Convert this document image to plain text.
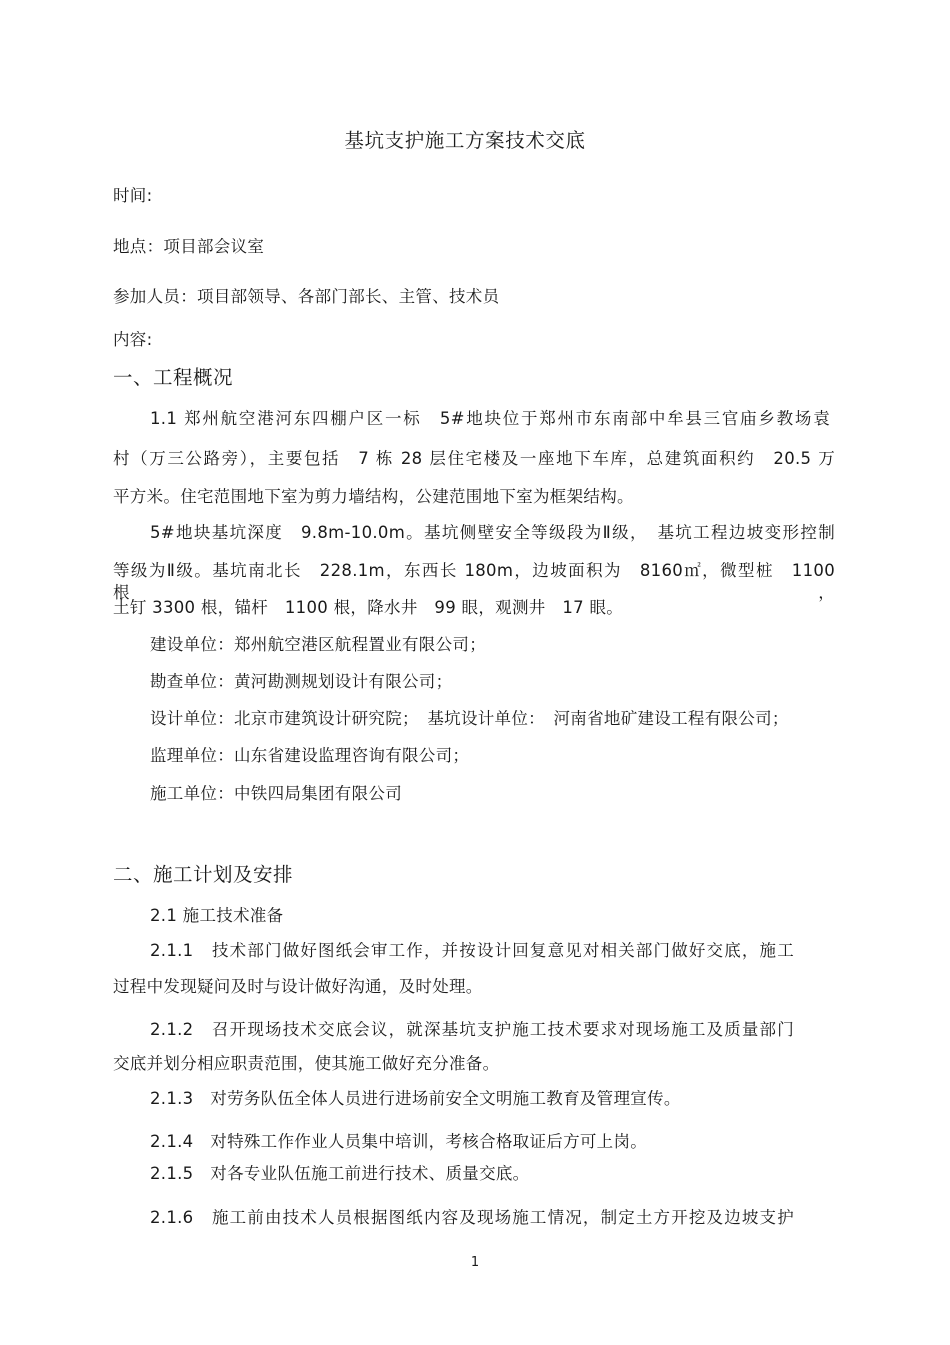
基坑支护施工方案技术交底
时间:
地点：项目部会议室
参加人员：项目部领导、各部门部长、主管、技术员
内容:
一、工程概况
1.1 郑州航空港河东四棚户区一标　5#地块位于郑州市东南部中牟县三官庙乡教场袁
村（万三公路旁），主要包括　7 栋 28 层住宅楼及一座地下车库，总建筑面积约　20.5 万
平方米。住宅范围地下室为剪力墙结构，公建范围地下室为框架结构。
5#地块基坑深度　9.8m-10.0m。基坑侧壁安全等级段为Ⅱ级，　基坑工程边坡变形控制
等级为Ⅱ级。基坑南北长　228.1m，东西长 180m，边坡面积为　8160㎡，微型桩　1100 根，
土钉 3300 根，锚杆　1100 根，降水井　99 眼，观测井　17 眼。
建设单位：郑州航空港区航程置业有限公司；
勘查单位：黄河勘测规划设计有限公司；
设计单位：北京市建筑设计研究院；　基坑设计单位：　河南省地矿建设工程有限公司；
监理单位：山东省建设监理咨询有限公司；
施工单位：中铁四局集团有限公司
二、施工计划及安排
2.1 施工技术准备
2.1.1　技术部门做好图纸会审工作，并按设计回复意见对相关部门做好交底，施工
过程中发现疑问及时与设计做好沟通，及时处理。
2.1.2　召开现场技术交底会议，就深基坑支护施工技术要求对现场施工及质量部门
交底并划分相应职责范围，使其施工做好充分准备。
2.1.3　对劳务队伍全体人员进行进场前安全文明施工教育及管理宣传。
2.1.4　对特殊工作作业人员集中培训，考核合格取证后方可上岗。
2.1.5　对各专业队伍施工前进行技术、质量交底。
2.1.6　施工前由技术人员根据图纸内容及现场施工情况，制定土方开挖及边坡支护
1
